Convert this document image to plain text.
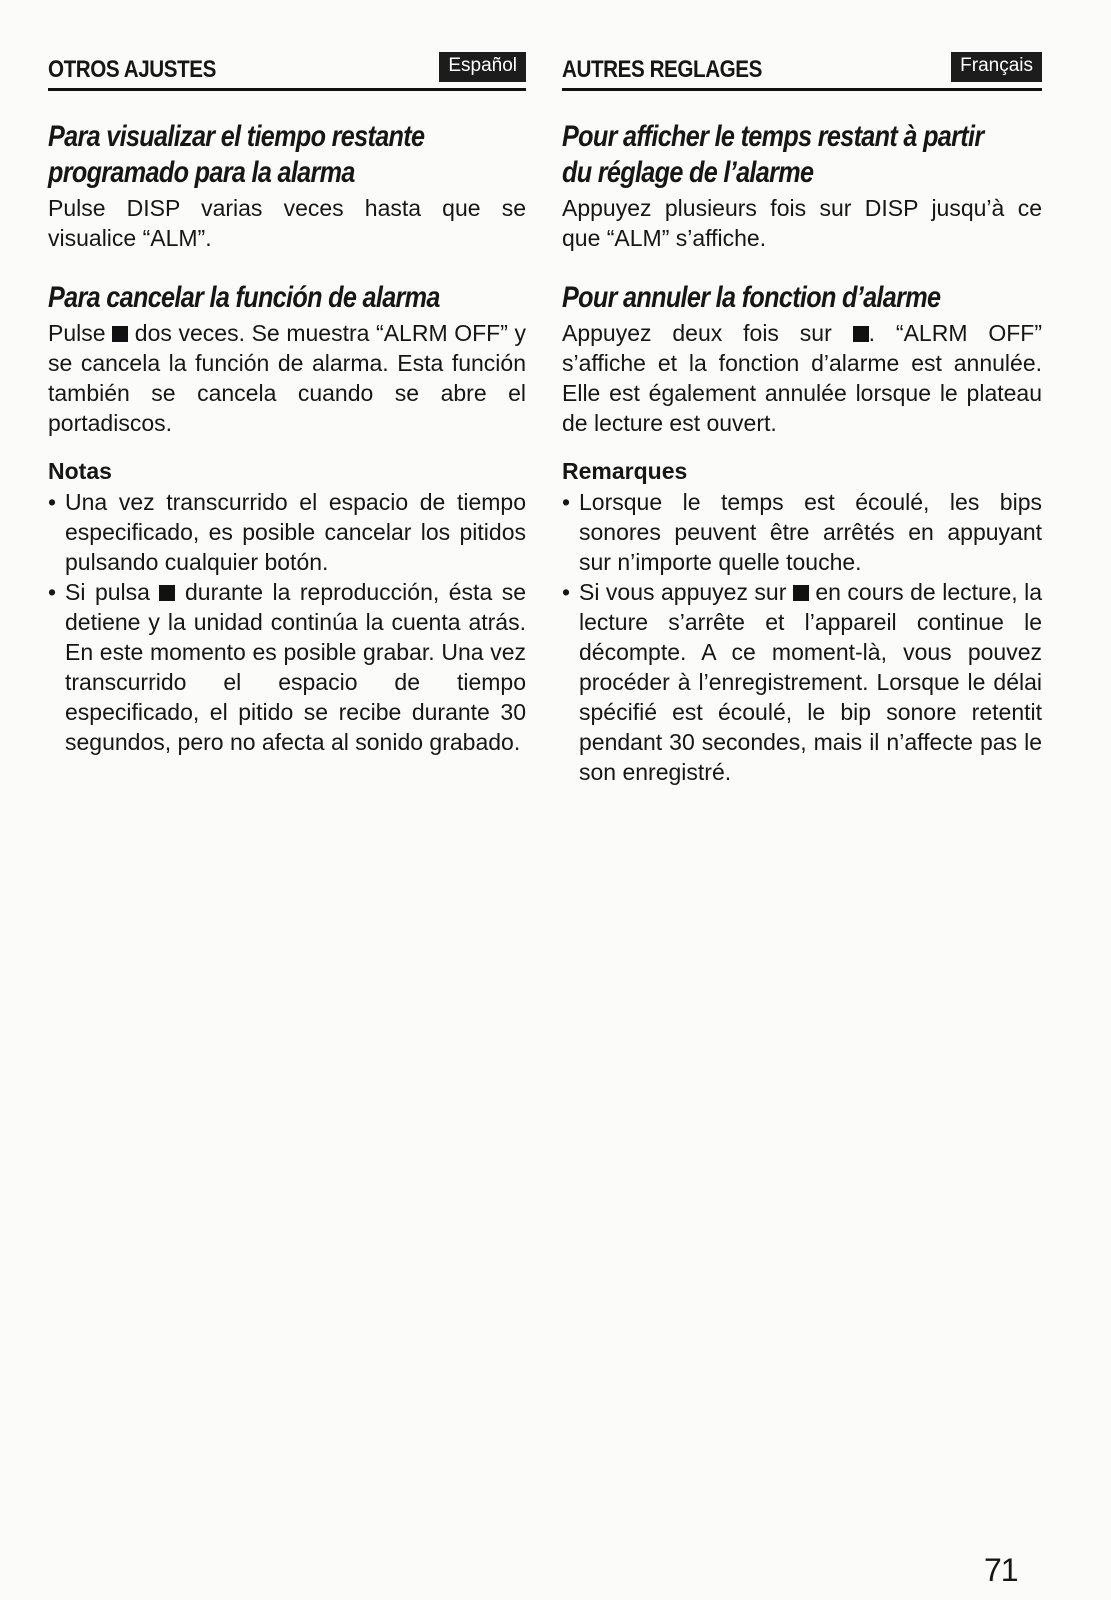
OTROS AJUSTES	Español
Para visualizar el tiempo restante
programado para la alarma

Pulse DISP varias veces hasta que se visualice “ALM”.

Para cancelar la función de alarma

Pulse dos veces. Se muestra “ALRM OFF” y se cancela la función de alarma. Esta función también se cancela cuando se abre el portadiscos.

Notas
• Una vez transcurrido el espacio de tiempo especificado, es posible cancelar los pitidos pulsando cualquier botón.
• Si pulsa durante la reproducción, ésta se detiene y la unidad continúa la cuenta atrás. En este momento es posible grabar. Una vez transcurrido el espacio de tiempo especificado, el pitido se recibe durante 30 segundos, pero no afecta al sonido grabado.
AUTRES REGLAGES	Français
Pour afficher le temps restant à partir
du réglage de l’alarme

Appuyez plusieurs fois sur DISP jusqu’à ce que “ALM” s’affiche.

Pour annuler la fonction d’alarme

Appuyez deux fois sur . “ALRM OFF” s’affiche et la fonction d’alarme est annulée. Elle est également annulée lorsque le plateau de lecture est ouvert.

Remarques
• Lorsque le temps est écoulé, les bips sonores peuvent être arrêtés en appuyant sur n’importe quelle touche.
• Si vous appuyez sur en cours de lecture, la lecture s’arrête et l’appareil continue le décompte. A ce moment-là, vous pouvez procéder à l’enregistrement. Lorsque le délai spécifié est écoulé, le bip sonore retentit pendant 30 secondes, mais il n’affecte pas le son enregistré.
71
